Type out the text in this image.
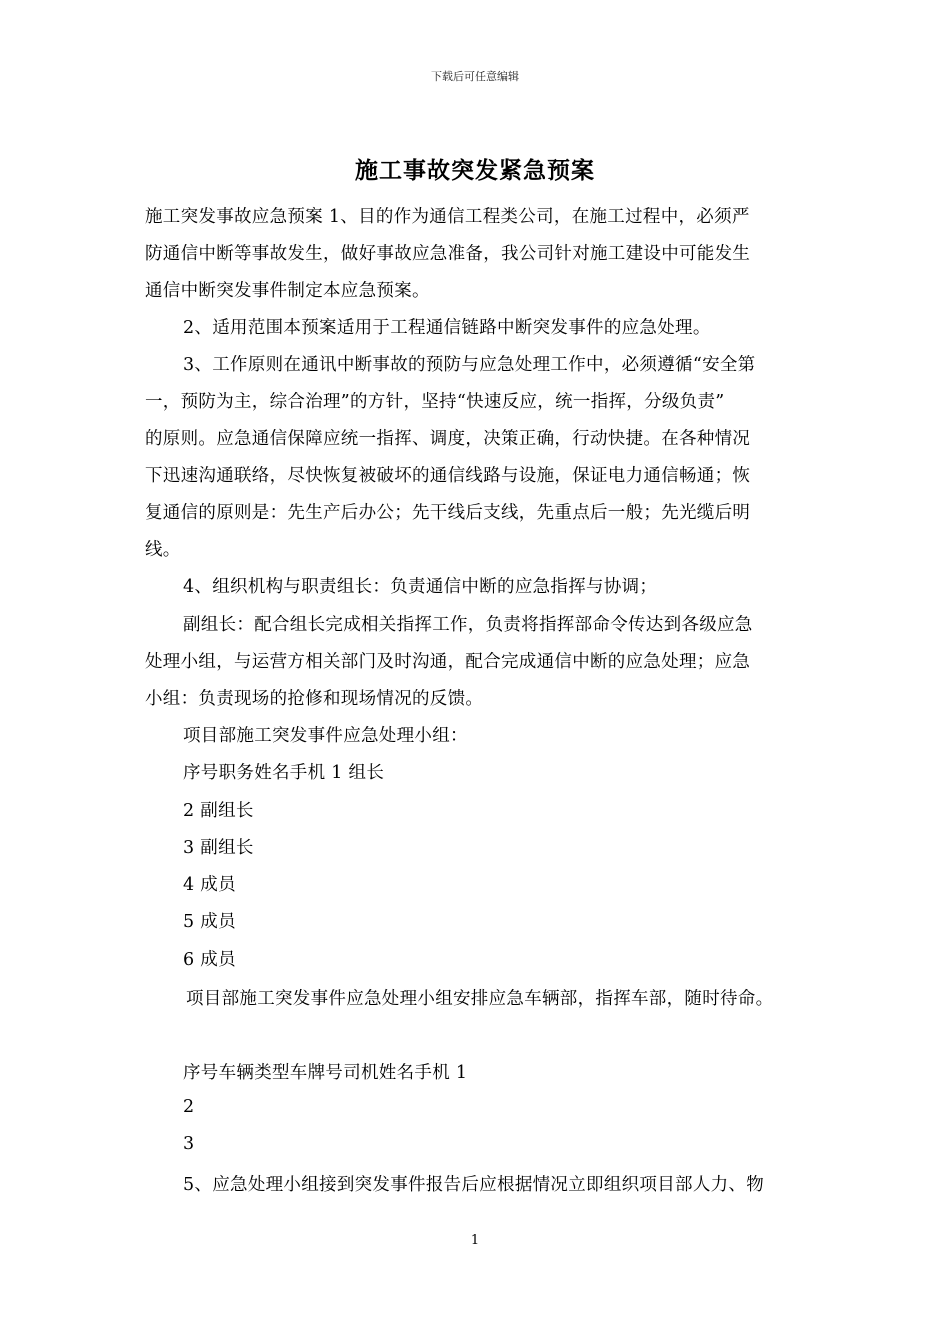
下载后可任意编辑
施工事故突发紧急预案
施工突发事故应急预案 1、目的作为通信工程类公司，在施工过程中，必须严
防通信中断等事故发生，做好事故应急准备，我公司针对施工建设中可能发生
通信中断突发事件制定本应急预案。
2、适用范围本预案适用于工程通信链路中断突发事件的应急处理。
3、工作原则在通讯中断事故的预防与应急处理工作中，必须遵循“安全第
一，预防为主，综合治理”的方针，坚持“快速反应，统一指挥，分级负责”
的原则。应急通信保障应统一指挥、调度，决策正确，行动快捷。在各种情况
下迅速沟通联络，尽快恢复被破坏的通信线路与设施，保证电力通信畅通；恢
复通信的原则是：先生产后办公；先干线后支线，先重点后一般；先光缆后明
线。
4、组织机构与职责组长：负责通信中断的应急指挥与协调；
副组长：配合组长完成相关指挥工作，负责将指挥部命令传达到各级应急
处理小组，与运营方相关部门及时沟通，配合完成通信中断的应急处理；应急
小组：负责现场的抢修和现场情况的反馈。
项目部施工突发事件应急处理小组：
序号职务姓名手机 1 组长
2 副组长
3 副组长
4 成员
5 成员
6 成员
项目部施工突发事件应急处理小组安排应急车辆部，指挥车部，随时待命。
序号车辆类型车牌号司机姓名手机 1
2
3
5、应急处理小组接到突发事件报告后应根据情况立即组织项目部人力、物
1
